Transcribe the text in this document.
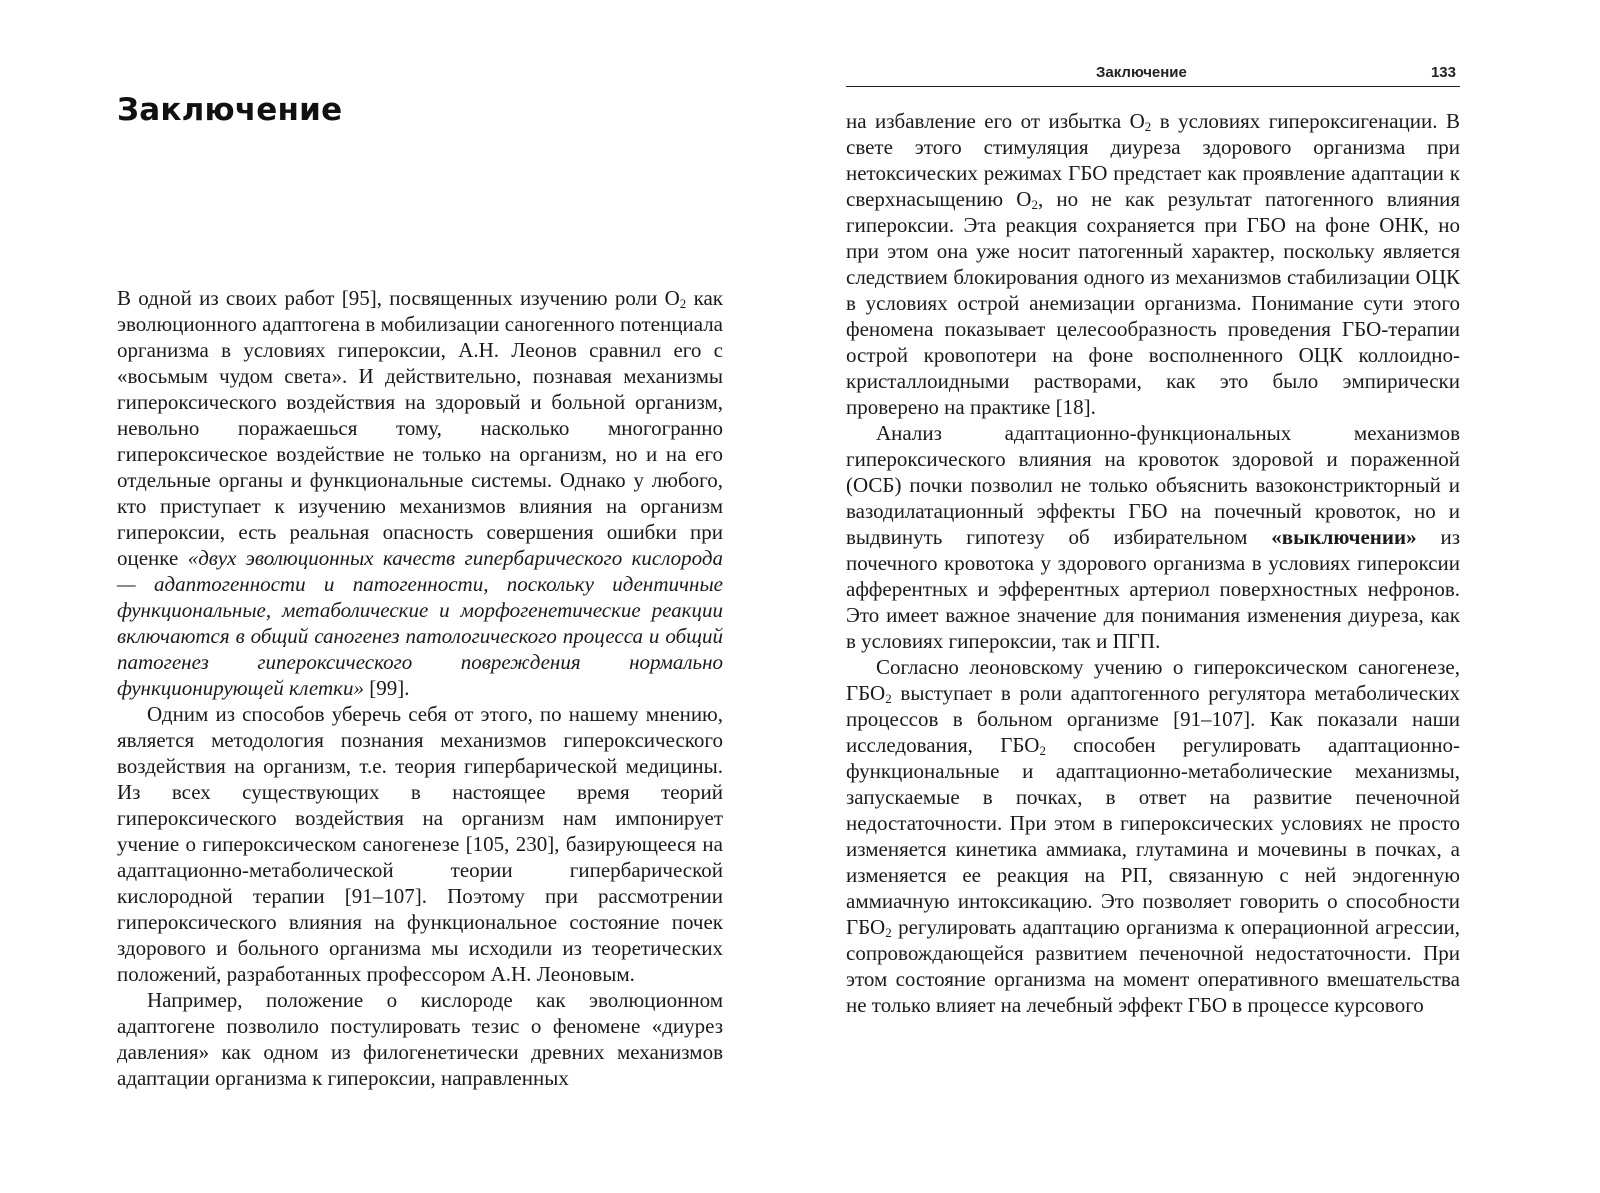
Заключение

В одной из своих работ [95], посвященных изучению роли $O_2$ как эволюционного адаптогена в мобилизации саногенного потенциала организма в условиях гипероксии, А.Н. Леонов сравнил его с «восьмым чудом света». И действительно, познавая механизмы гипероксического воздействия на здоровый и больной организм, невольно поражаешься тому, насколько многогранно гипероксическое воздействие не только на организм, но и на его отдельные органы и функциональные системы. Однако у любого, кто приступает к изучению механизмов влияния на организм гипероксии, есть реальная опасность совершения ошибки при оценке «двух эволюционных качеств гипербарического кислорода — адаптогенности и патогенности, поскольку идентичные функциональные, метаболические и морфогенетические реакции включаются в общий саногенез патологического процесса и общий патогенез гипероксического повреждения нормально функционирующей клетки» [99].

Одним из способов уберечь себя от этого, по нашему мнению, является методология познания механизмов гипероксического воздействия на организм, т.е. теория гипербарической медицины. Из всех существующих в настоящее время теорий гипероксического воздействия на организм нам импонирует учение о гипероксическом саногенезе [105, 230], базирующееся на адаптационно-метаболической теории гипербарической кислородной терапии [91–107]. Поэтому при рассмотрении гипероксического влияния на функциональное состояние почек здорового и больного организма мы исходили из теоретических положений, разработанных профессором А.Н. Леоновым.

Например, положение о кислороде как эволюционном адаптогене позволило постулировать тезис о феномене «диурез давления» как одном из филогенетически древних механизмов адаптации организма к гипероксии, направленных

Заключение	133

на избавление его от избытка $O_2$ в условиях гипероксигенации. В свете этого стимуляция диуреза здорового организма при нетоксических режимах ГБО предстает как проявление адаптации к сверхнасыщению $O_2$, но не как результат патогенного влияния гипероксии. Эта реакция сохраняется при ГБО на фоне ОНК, но при этом она уже носит патогенный характер, поскольку является следствием блокирования одного из механизмов стабилизации ОЦК в условиях острой анемизации организма. Понимание сути этого феномена показывает целесообразность проведения ГБО-терапии острой кровопотери на фоне восполненного ОЦК коллоидно-кристаллоидными растворами, как это было эмпирически проверено на практике [18].

Анализ адаптационно-функциональных механизмов гипероксического влияния на кровоток здоровой и пораженной (ОСБ) почки позволил не только объяснить вазоконстрикторный и вазодилатационный эффекты ГБО на почечный кровоток, но и выдвинуть гипотезу об избирательном «выключении» из почечного кровотока у здорового организма в условиях гипероксии афферентных и эфферентных артериол поверхностных нефронов. Это имеет важное значение для понимания изменения диуреза, как в условиях гипероксии, так и ПГП.

Согласно леоновскому учению о гипероксическом саногенезе, $ГБО_2$ выступает в роли адаптогенного регулятора метаболических процессов в больном организме [91–107]. Как показали наши исследования, $ГБО_2$ способен регулировать адаптационно-функциональные и адаптационно-метаболические механизмы, запускаемые в почках, в ответ на развитие печеночной недостаточности. При этом в гипероксических условиях не просто изменяется кинетика аммиака, глутамина и мочевины в почках, а изменяется ее реакция на РП, связанную с ней эндогенную аммиачную интоксикацию. Это позволяет говорить о способности $ГБО_2$ регулировать адаптацию организма к операционной агрессии, сопровождающейся развитием печеночной недостаточности. При этом состояние организма на момент оперативного вмешательства не только влияет на лечебный эффект ГБО в процессе курсового
